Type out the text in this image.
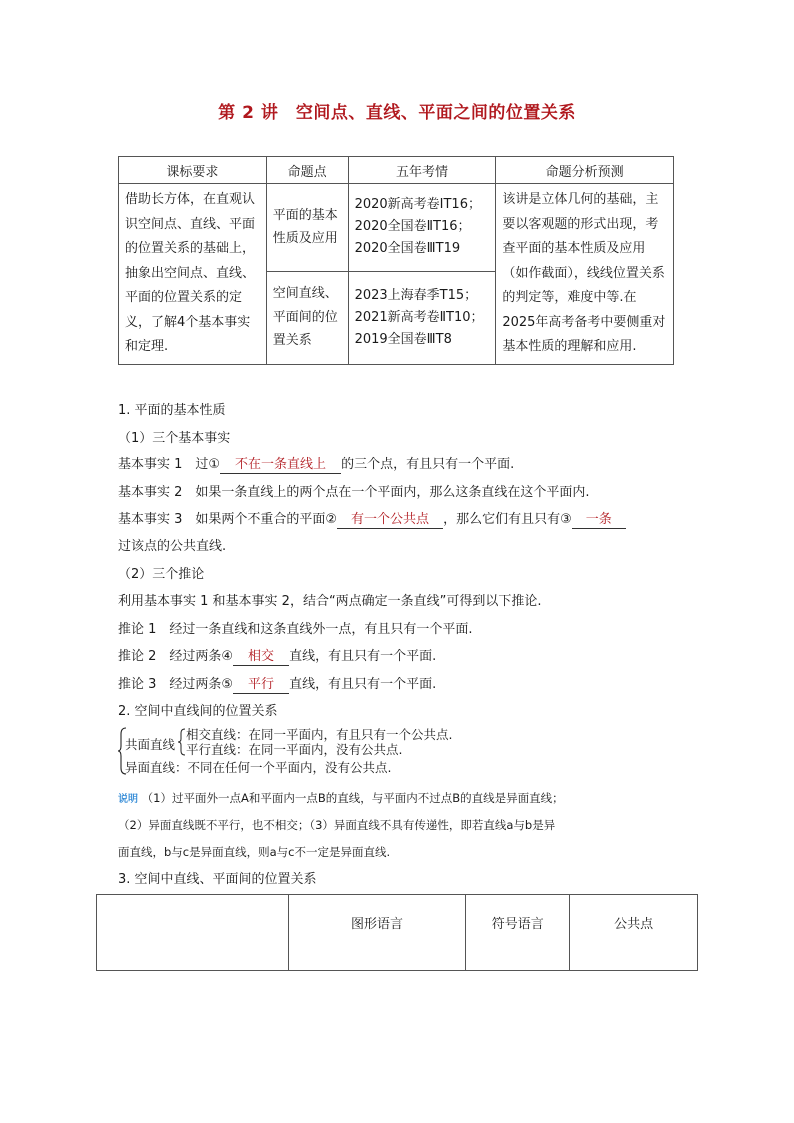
第 2 讲　空间点、直线、平面之间的位置关系
课标要求	命题点	五年考情	命题分析预测
借助长方体，在直观认识空间点、直线、平面的位置关系的基础上，抽象出空间点、直线、平面的位置关系的定义，了解4个基本事实和定理.	平面的基本性质及应用	2020新高考卷ⅠT16；2020全国卷ⅡT16；2020全国卷ⅢT19	该讲是立体几何的基础，主要以客观题的形式出现，考查平面的基本性质及应用（如作截面），线线位置关系的判定等，难度中等.在2025年高考备考中要侧重对基本性质的理解和应用.
	空间直线、平面间的位置关系	2023上海春季T15；2021新高考卷ⅡT10；2019全国卷ⅢT8	
1. 平面的基本性质
（1）三个基本事实
基本事实 1　过① 不在一条直线上 的三个点，有且只有一个平面.
基本事实 2　如果一条直线上的两个点在一个平面内，那么这条直线在这个平面内.
基本事实 3　如果两个不重合的平面② 有一个公共点 ，那么它们有且只有③ 一条
过该点的公共直线.
（2）三个推论
利用基本事实 1 和基本事实 2，结合“两点确定一条直线”可得到以下推论.
推论 1　经过一条直线和这条直线外一点，有且只有一个平面.
推论 2　经过两条④ 相交 直线，有且只有一个平面.
推论 3　经过两条⑤ 平行 直线，有且只有一个平面.
2. 空间中直线间的位置关系
共面直线
相交直线：在同一平面内，有且只有一个公共点.
平行直线：在同一平面内，没有公共点.
异面直线：不同在任何一个平面内，没有公共点.
说明 （1）过平面外一点A和平面内一点B的直线，与平面内不过点B的直线是异面直线；
（2）异面直线既不平行，也不相交；（3）异面直线不具有传递性，即若直线a与b是异
面直线，b与c是异面直线，则a与c不一定是异面直线.
3. 空间中直线、平面间的位置关系
	图形语言	符号语言	公共点
